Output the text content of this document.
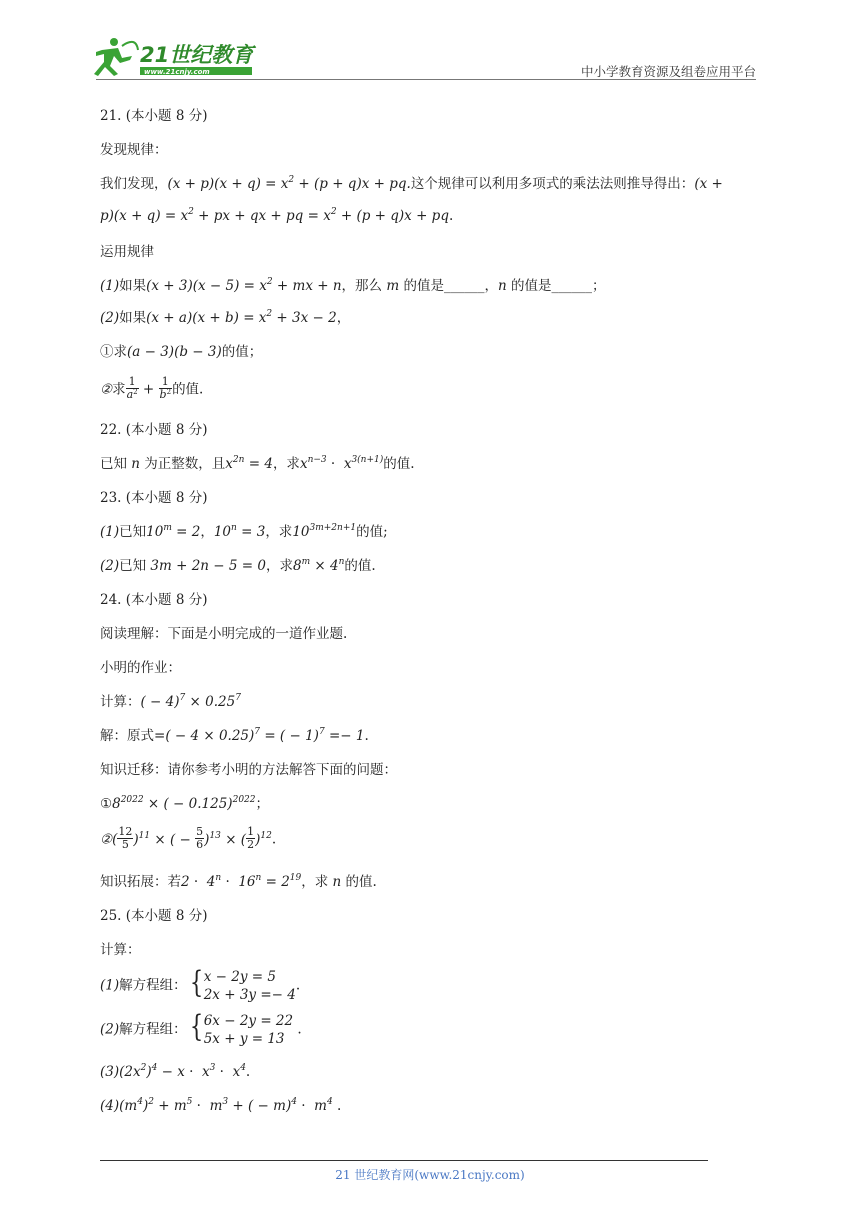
21世纪教育
www.21cnjy.com	中小学教育资源及组卷应用平台
21. (本小题 8 分)
发现规律：
我们发现，$(x + p)(x + q) = x^2 + (p + q)x$ + pq.这个规律可以利用多项式的乘法法则推导得出：(x +
$p)(x + q) = x^2$ + px + qx + pq = $x^2 + (p + q)x$ + pq.
运用规律
(1)如果$(x + 3)(x - 5) = x^2$ + mx + n，那么 m 的值是______，n 的值是______；
(2)如果$(x + a)(x + b) = x^2 + 3x - 2$，
①求(a − 3)(b − 3)的值；
②求 $\frac{1}{a^2} + \frac{1}{b^2}$ 的值.
22. (本小题 8 分)
已知 n 为正整数，且$x^{2n} = 4$，求$x^{n-3} \cdot x^{3(n+1)}$的值.
23. (本小题 8 分)
(1)已知$10^m = 2$，$10^n = 3$，求$10^{3m+2n+1}$的值;
(2)已知 3m + 2n − 5 = 0，求$8^m \times 4^n$的值.
24. (本小题 8 分)
阅读理解：下面是小明完成的一道作业题.
小明的作业：
计算：( − $4)^7 \times 0.25^7$
解：原式=( − 4 × 0.25)$^7$ = ( − 1)$^7$ =− 1.
知识迁移：请你参考小明的方法解答下面的问题：
$①8^{2022}$ × ( − 0.125)$^{2022}$；
②( $\frac{12}{5} )^{11}$ × ( − $\frac{5}{6} )^{13}$ × ( $\frac{1}{2} )^{12}$.
知识拓展：若$2 \cdot 4^n \cdot 16^n = 2^{19}$，求 n 的值.
25. (本小题 8 分)
计算：
(1)解方程组：{x − 2y = 5
2x + 3y =− 4.
(2)解方程组：{6x − 2y = 22
5x + y = 13 .
$(3)(2x^2)^4 - x \cdot x^3 \cdot x^4$.
$(4)(m^4)^2 + m^5 \cdot m^3$ + ( − $m)^4 \cdot m^4$ .
21 世纪教育网(www.21cnjy.com)
